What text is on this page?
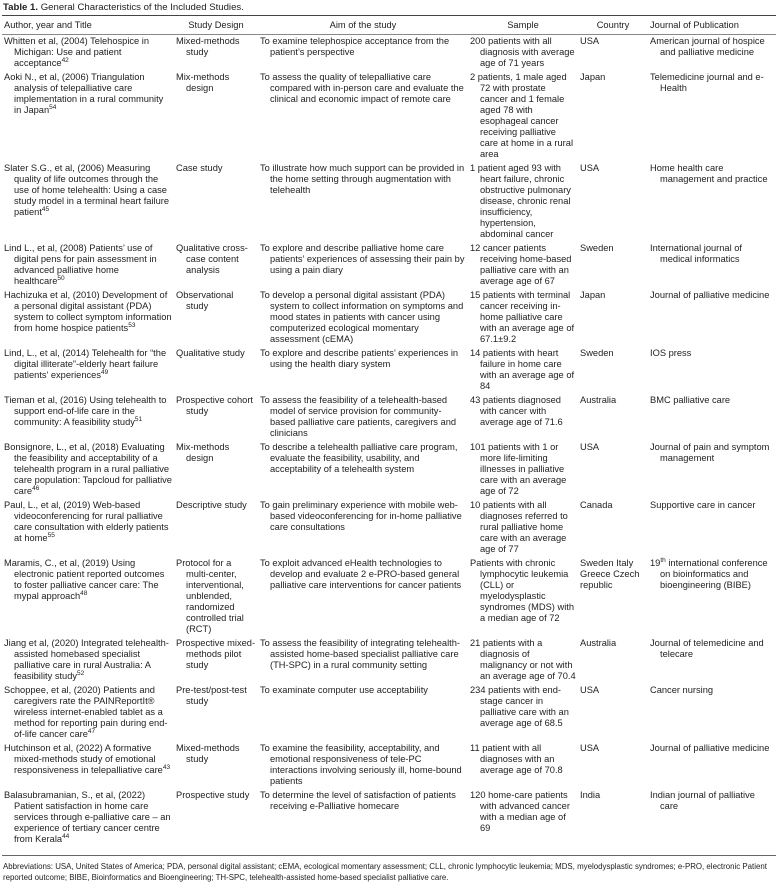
Table 1. General Characteristics of the Included Studies.
Author, year and Title	Study Design	Aim of the study	Sample	Country	Journal of Publication
Whitten et al, (2004) Telehospice in Michigan: Use and patient acceptance$^{42}$	Mixed-methods study	To examine telephospice acceptance from the patient’s perspective	200 patients with all diagnosis with average age of 71 years	USA	American journal of hospice and palliative medicine
Aoki N., et al, (2006) Triangulation analysis of telepalliative care implementation in a rural community in Japan$^{54}$	Mix-methods design	To assess the quality of telepalliative care compared with in-person care and evaluate the clinical and economic impact of remote care	2 patients, 1 male aged 72 with prostate cancer and 1 female aged 78 with esophageal cancer receiving palliative care at home in a rural area	Japan	Telemedicine journal and e-Health
Slater S.G., et al, (2006) Measuring quality of life outcomes through the use of home telehealth: Using a case study model in a terminal heart failure patient$^{45}$	Case study	To illustrate how much support can be provided in the home setting through augmentation with telehealth	1 patient aged 93 with heart failure, chronic obstructive pulmonary disease, chronic renal insufficiency, hypertension, abdominal cancer	USA	Home health care management and practice
Lind L., et al, (2008) Patients’ use of digital pens for pain assessment in advanced palliative home healthcare$^{50}$	Qualitative cross-case content analysis	To explore and describe palliative home care patients’ experiences of assessing their pain by using a pain diary	12 cancer patients receiving home-based palliative care with an average age of 67	Sweden	International journal of medical informatics
Hachizuka et al, (2010) Development of a personal digital assistant (PDA) system to collect symptom information from home hospice patients$^{53}$	Observational study	To develop a personal digital assistant (PDA) system to collect information on symptoms and mood states in patients with cancer using computerized ecological momentary assessment (cEMA)	15 patients with terminal cancer receiving in-home palliative care with an average age of 67.1±9.2	Japan	Journal of palliative medicine
Lind, L., et al, (2014) Telehealth for “the digital illiterate”-elderly heart failure patients’ experiences$^{49}$	Qualitative study	To explore and describe patients’ experiences in using the health diary system	14 patients with heart failure in home care with an average age of 84	Sweden	IOS press
Tieman et al, (2016) Using telehealth to support end-of-life care in the community: A feasibility study$^{51}$	Prospective cohort study	To assess the feasibility of a telehealth-based model of service provision for community-based palliative care patients, caregivers and clinicians	43 patients diagnosed with cancer with average age of 71.6	Australia	BMC palliative care
Bonsignore, L., et al, (2018) Evaluating the feasibility and acceptability of a telehealth program in a rural palliative care population: Tapcloud for palliative care$^{46}$	Mix-methods design	To describe a telehealth palliative care program, evaluate the feasibility, usability, and acceptability of a telehealth system	101 patients with 1 or more life-limiting illnesses in palliative care with an average age of 72	USA	Journal of pain and symptom management
Paul, L., et al, (2019) Web-based videoconferencing for rural palliative care consultation with elderly patients at home$^{55}$	Descriptive study	To gain preliminary experience with mobile web-based videoconferencing for in-home palliative care consultations	10 patients with all diagnoses referred to rural palliative home care with an average age of 77	Canada	Supportive care in cancer
Maramis, C., et al, (2019) Using electronic patient reported outcomes to foster palliative cancer care: The mypal approach$^{48}$	Protocol for a multi-center, interventional, unblended, randomized controlled trial (RCT)	To exploit advanced eHealth technologies to develop and evaluate 2 e-PRO-based general palliative care interventions for cancer patients	Patients with chronic lymphocytic leukemia (CLL) or myelodysplastic syndromes (MDS) with a median age of 72	Sweden Italy Greece Czech republic	19th international conference on bioinformatics and bioengineering (BIBE)
Jiang et al, (2020) Integrated telehealth-assisted homebased specialist palliative care in rural Australia: A feasibility study$^{52}$	Prospective mixed-methods pilot study	To assess the feasibility of integrating telehealth-assisted home-based specialist palliative care (TH-SPC) in a rural community setting	21 patients with a diagnosis of malignancy or not with an average age of 70.4	Australia	Journal of telemedicine and telecare
Schoppee, et al, (2020) Patients and caregivers rate the PAINReportIt® wireless internet-enabled tablet as a method for reporting pain during end-of-life cancer care$^{47}$	Pre-test/post-test study	To examinate computer use acceptability	234 patients with end-stage cancer in palliative care with an average age of 68.5	USA	Cancer nursing
Hutchinson et al, (2022) A formative mixed-methods study of emotional responsiveness in telepalliative care$^{43}$	Mixed-methods study	To examine the feasibility, acceptability, and emotional responsiveness of tele-PC interactions involving seriously ill, home-bound patients	11 patient with all diagnoses with an average age of 70.8	USA	Journal of palliative medicine
Balasubramanian, S., et al, (2022) Patient satisfaction in home care services through e-palliative care – an experience of tertiary cancer centre from Kerala$^{44}$	Prospective study	To determine the level of satisfaction of patients receiving e-Palliative homecare	120 home-care patients with advanced cancer with a median age of 69	India	Indian journal of palliative care
Abbreviations: USA, United States of America; PDA, personal digital assistant; cEMA, ecological momentary assessment; CLL, chronic lymphocytic leukemia; MDS, myelodysplastic syndromes; e-PRO, electronic Patient reported outcome; BIBE, Bioinformatics and Bioengineering; TH-SPC, telehealth-assisted home-based specialist palliative care.
